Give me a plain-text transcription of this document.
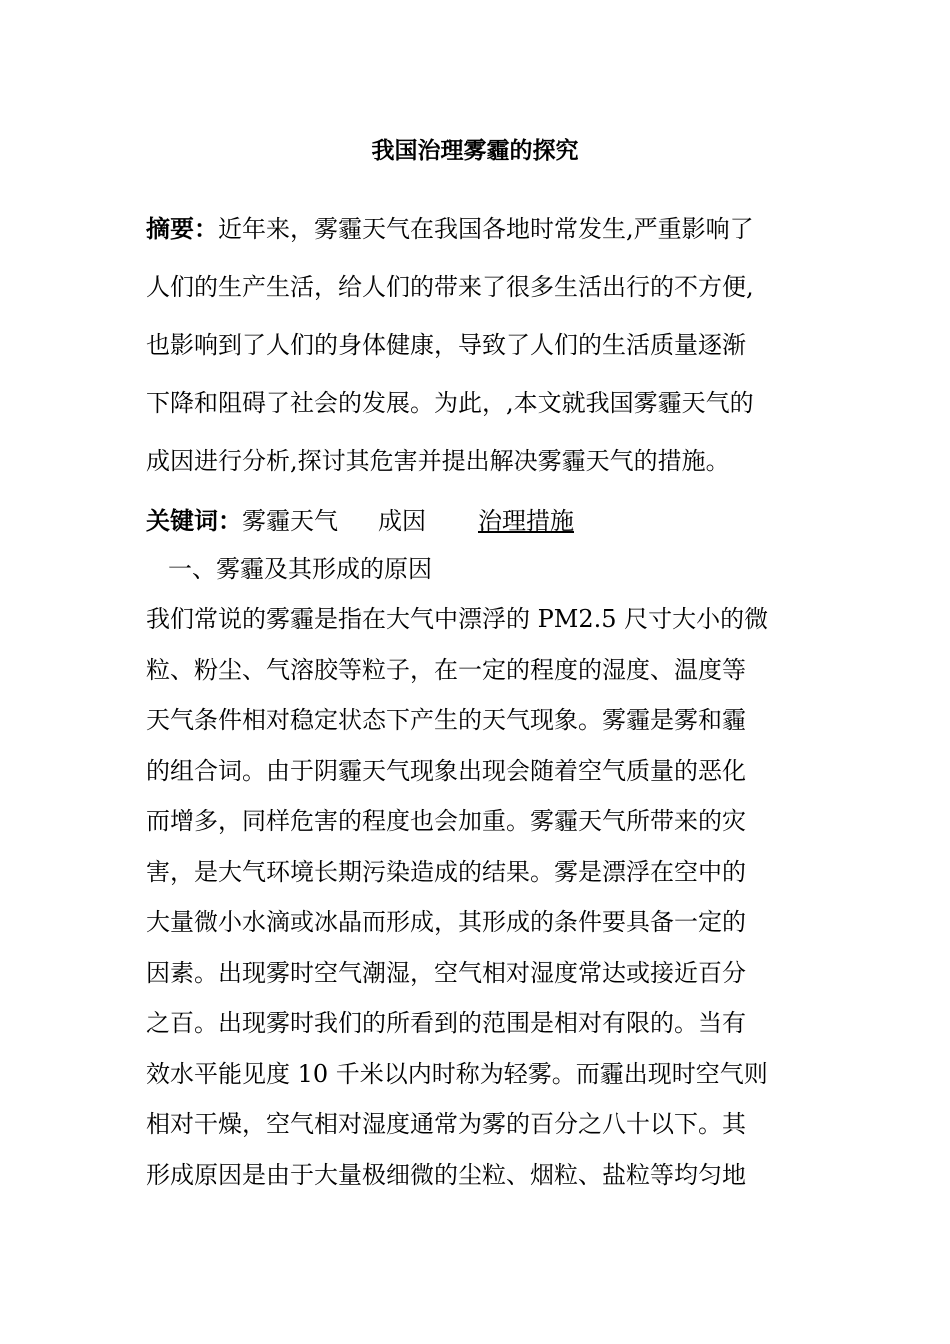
我国治理雾霾的探究
摘要：近年来，雾霾天气在我国各地时常发生,严重影响了
人们的生产生活，给人们的带来了很多生活出行的不方便,
也影响到了人们的身体健康，导致了人们的生活质量逐渐
下降和阻碍了社会的发展。为此，,本文就我国雾霾天气的
成因进行分析,探讨其危害并提出解决雾霾天气的措施。
关键词：雾霾天气 成因 治理措施
一、雾霾及其形成的原因
我们常说的雾霾是指在大气中漂浮的 PM2.5 尺寸大小的微
粒、粉尘、气溶胶等粒子，在一定的程度的湿度、温度等
天气条件相对稳定状态下产生的天气现象。雾霾是雾和霾
的组合词。由于阴霾天气现象出现会随着空气质量的恶化
而增多，同样危害的程度也会加重。雾霾天气所带来的灾
害，是大气环境长期污染造成的结果。雾是漂浮在空中的
大量微小水滴或冰晶而形成，其形成的条件要具备一定的
因素。出现雾时空气潮湿，空气相对湿度常达或接近百分
之百。出现雾时我们的所看到的范围是相对有限的。当有
效水平能见度 10 千米以内时称为轻雾。而霾出现时空气则
相对干燥，空气相对湿度通常为雾的百分之八十以下。其
形成原因是由于大量极细微的尘粒、烟粒、盐粒等均匀地
